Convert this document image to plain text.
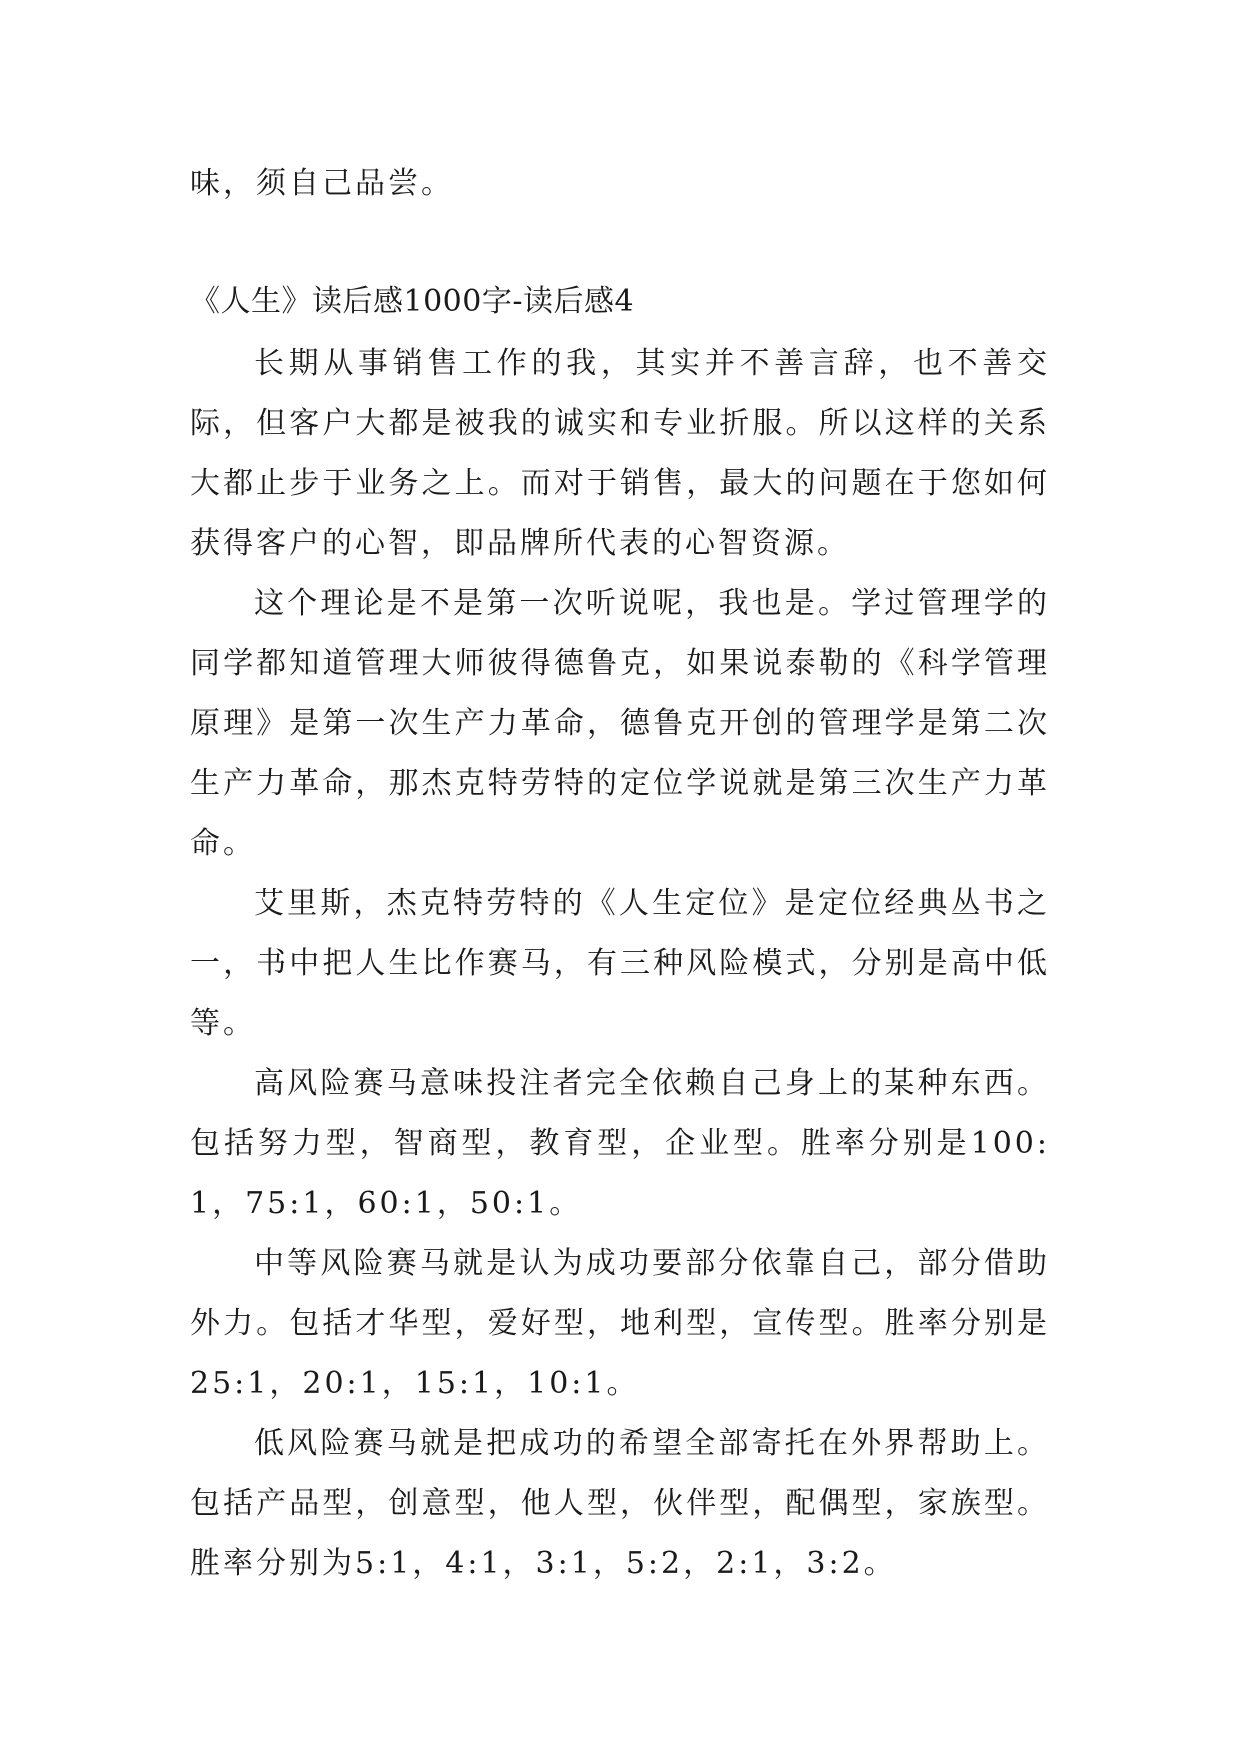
味，须自己品尝。
《人生》读后感1000字-读后感4

长期从事销售工作的我，其实并不善言辞，也不善交际，但客户大都是被我的诚实和专业折服。所以这样的关系大都止步于业务之上。而对于销售，最大的问题在于您如何获得客户的心智，即品牌所代表的心智资源。

这个理论是不是第一次听说呢，我也是。学过管理学的同学都知道管理大师彼得德鲁克，如果说泰勒的《科学管理原理》是第一次生产力革命，德鲁克开创的管理学是第二次生产力革命，那杰克特劳特的定位学说就是第三次生产力革命。

艾里斯，杰克特劳特的《人生定位》是定位经典丛书之一，书中把人生比作赛马，有三种风险模式，分别是高中低等。

高风险赛马意味投注者完全依赖自己身上的某种东西。包括努力型，智商型，教育型，企业型。胜率分别是100:1，75:1，60:1，50:1。

中等风险赛马就是认为成功要部分依靠自己，部分借助外力。包括才华型，爱好型，地利型，宣传型。胜率分别是25:1，20:1，15:1，10:1。

低风险赛马就是把成功的希望全部寄托在外界帮助上。包括产品型，创意型，他人型，伙伴型，配偶型，家族型。胜率分别为5:1，4:1，3:1，5:2，2:1，3:2。
